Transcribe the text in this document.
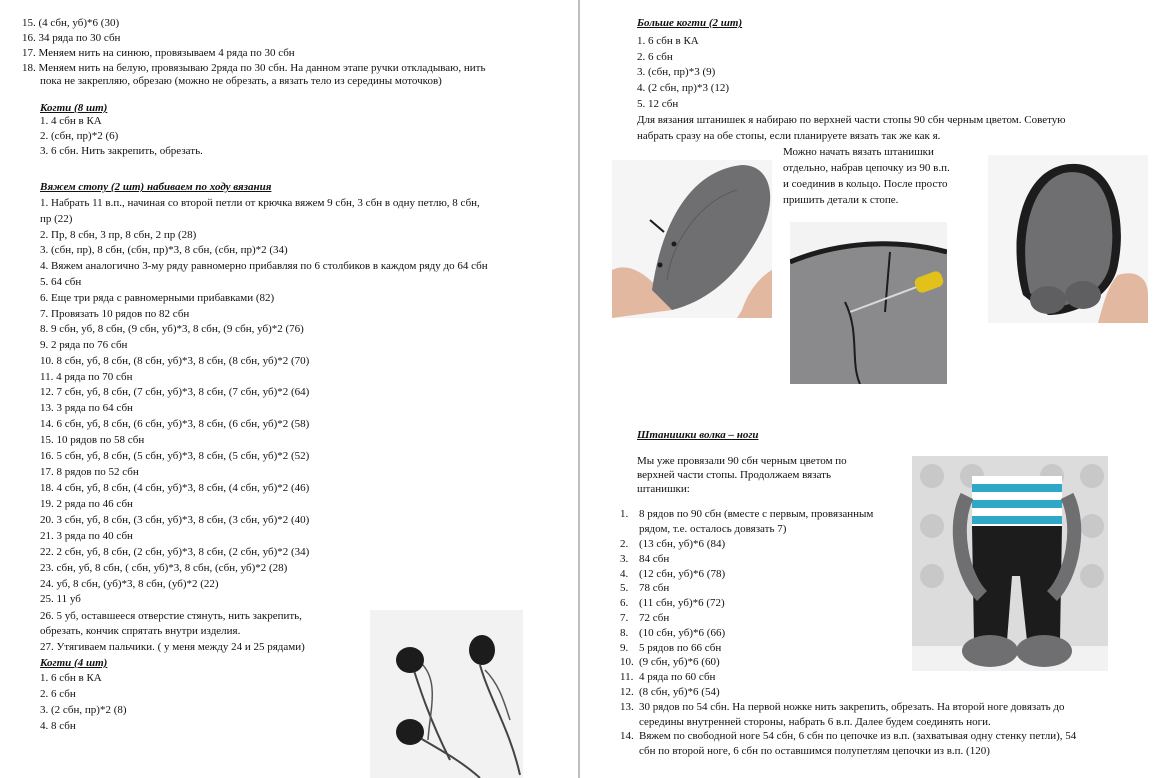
15. (4 сбн, уб)*6 (30)
16. 34 ряда по 30 сбн
17. Меняем нить на синюю, провязываем 4 ряда по 30 сбн
18. Меняем нить на белую, провязываю 2ряда по 30 сбн. На данном этапе ручки откладываю, нить
пока не закрепляю, обрезаю (можно не обрезать, а вязать тело из середины моточков)
Когти (8 шт)
1. 4 сбн в КА
2. (сбн, пр)*2 (6)
3. 6 сбн. Нить закрепить, обрезать.
Вяжем стопу (2 шт) набиваем по ходу вязания
1. Набрать 11 в.п., начиная со второй петли от крючка вяжем 9 сбн, 3 сбн в одну петлю, 8 сбн,
пр (22)
2. Пр, 8 сбн, 3 пр, 8 сбн, 2 пр (28)
3. (сбн, пр), 8 сбн, (сбн, пр)*3, 8 сбн, (сбн, пр)*2 (34)
4. Вяжем аналогично 3-му ряду равномерно прибавляя по 6 столбиков в каждом ряду до 64 сбн
5. 64 сбн
6. Еще три ряда с равномерными прибавками (82)
7. Провязать 10 рядов по 82 сбн
8. 9 сбн, уб, 8 сбн, (9 сбн, уб)*3, 8 сбн, (9 сбн, уб)*2 (76)
9. 2 ряда по 76 сбн
10. 8 сбн, уб, 8 сбн, (8 сбн, уб)*3, 8 сбн, (8 сбн, уб)*2 (70)
11. 4 ряда по 70 сбн
12. 7 сбн, уб, 8 сбн, (7 сбн, уб)*3, 8 сбн, (7 сбн, уб)*2 (64)
13. 3 ряда по 64 сбн
14. 6 сбн, уб, 8 сбн, (6 сбн, уб)*3, 8 сбн, (6 сбн, уб)*2 (58)
15. 10 рядов по 58 сбн
16. 5 сбн, уб, 8 сбн, (5 сбн, уб)*3, 8 сбн, (5 сбн, уб)*2 (52)
17. 8 рядов по 52 сбн
18. 4 сбн, уб, 8 сбн, (4 сбн, уб)*3, 8 сбн, (4 сбн, уб)*2 (46)
19. 2 ряда по 46 сбн
20. 3 сбн, уб, 8 сбн, (3 сбн, уб)*3, 8 сбн, (3 сбн, уб)*2 (40)
21. 3 ряда по 40 сбн
22. 2 сбн, уб, 8 сбн, (2 сбн, уб)*3, 8 сбн, (2 сбн, уб)*2 (34)
23. сбн, уб, 8 сбн, ( сбн, уб)*3, 8 сбн, (сбн, уб)*2 (28)
24. уб, 8 сбн, (уб)*3, 8 сбн, (уб)*2 (22)
25. 11 уб
26. 5 уб, оставшееся отверстие стянуть, нить закрепить,
обрезать, кончик спрятать внутри изделия.
27. Утягиваем пальчики. ( у меня между 24 и 25 рядами)
Когти (4 шт)
1. 6 сбн в КА
2. 6 сбн
3. (2 сбн, пр)*2 (8)
4. 8 сбн
Больше когти (2 шт)
1. 6 сбн в КА
2. 6 сбн
3. (сбн, пр)*3 (9)
4. (2 сбн, пр)*3 (12)
5. 12 сбн
Для вязания штанишек я набираю по верхней части стопы 90 сбн черным цветом. Советую
набрать сразу на обе стопы, если планируете вязать так же как я.
Можно начать вязать штанишки
отдельно, набрав цепочку из 90 в.п.
и соединив в кольцо. После просто
пришить детали к стопе.
Штанишки волка – ноги
Мы уже провязали 90 сбн черным цветом по
верхней части стопы. Продолжаем вязать
штанишки:
1. 8 рядов по 90 сбн (вместе с первым, провязанным
рядом, т.е. осталось довязать 7)
2. (13 сбн, уб)*6 (84)
3. 84 сбн
4. (12 сбн, уб)*6 (78)
5. 78 сбн
6. (11 сбн, уб)*6 (72)
7. 72 сбн
8. (10 сбн, уб)*6 (66)
9. 5 рядов по 66 сбн
10. (9 сбн, уб)*6 (60)
11. 4 ряда по 60 сбн
12. (8 сбн, уб)*6 (54)
13. 30 рядов по 54 сбн. На первой ножке нить закрепить, обрезать. На второй ноге довязать до
середины внутренней стороны, набрать 6 в.п. Далее будем соединять ноги.
14. Вяжем по свободной ноге 54 сбн, 6 сбн по цепочке из в.п. (захватывая одну стенку петли), 54
сбн по второй ноге, 6 сбн по оставшимся полупетлям цепочки из в.п. (120)
